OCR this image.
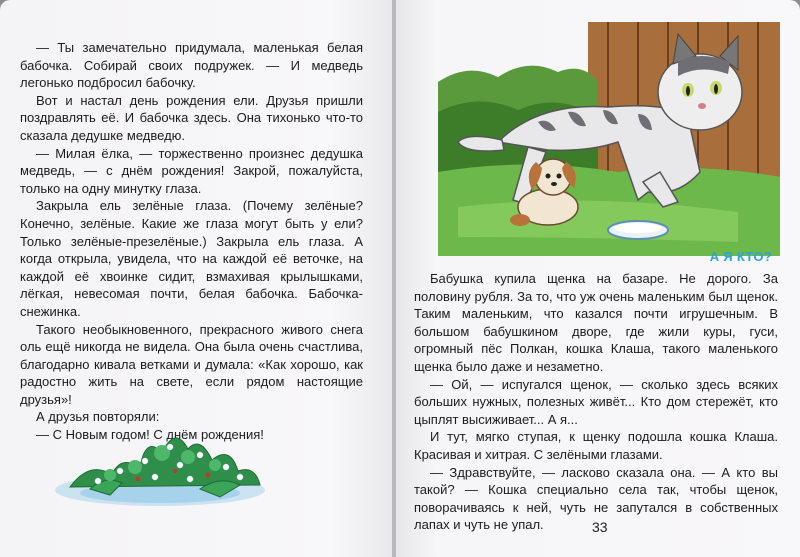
— Ты замечательно придумала, маленькая белая бабочка. Собирай своих подружек. — И медведь легонько подбросил бабочку.

Вот и настал день рождения ели. Друзья пришли поздравлять её. И бабочка здесь. Она тихонько что-то сказала дедушке медведю.

— Милая ёлка, — торжественно произнес дедушка медведь, — с днём рождения! Закрой, пожалуйста, только на одну минутку глаза.

Закрыла ель зелёные глаза. (Почему зелёные? Конечно, зелёные. Какие же глаза могут быть у ели? Только зелёные-презелёные.) Закрыла ель глаза. А когда открыла, увидела, что на каждой её веточке, на каждой её хвоинке сидит, взмахивая крылышками, лёгкая, невесомая почти, белая бабочка. Бабочка-снежинка.

Такого необыкновенного, прекрасного живого снега оль ещё никогда не видела. Она была очень счастлива, благодарно кивала ветками и думала: «Как хорошо, как радостно жить на свете, если рядом настоящие друзья»!

А друзья повторяли:

— С Новым годом! С днём рождения!

А Я КТО?

Бабушка купила щенка на базаре. Не дорого. За половину рубля. За то, что уж очень маленьким был щенок. Таким маленьким, что казался почти игрушечным. В большом бабушкином дворе, где жили куры, гуси, огромный пёс Полкан, кошка Клаша, такого маленького щенка было даже и незаметно.

— Ой, — испугался щенок, — сколько здесь всяких больших нужных, полезных живёт... Кто дом стережёт, кто цыплят высиживает... А я...

И тут, мягко ступая, к щенку подошла кошка Клаша. Красивая и хитрая. С зелёными глазами.

— Здравствуйте, — ласково сказала она. — А кто вы такой? — Кошка специально села так, чтобы щенок, поворачиваясь к ней, чуть не запутался в собственных лапах и чуть не упал.	33
